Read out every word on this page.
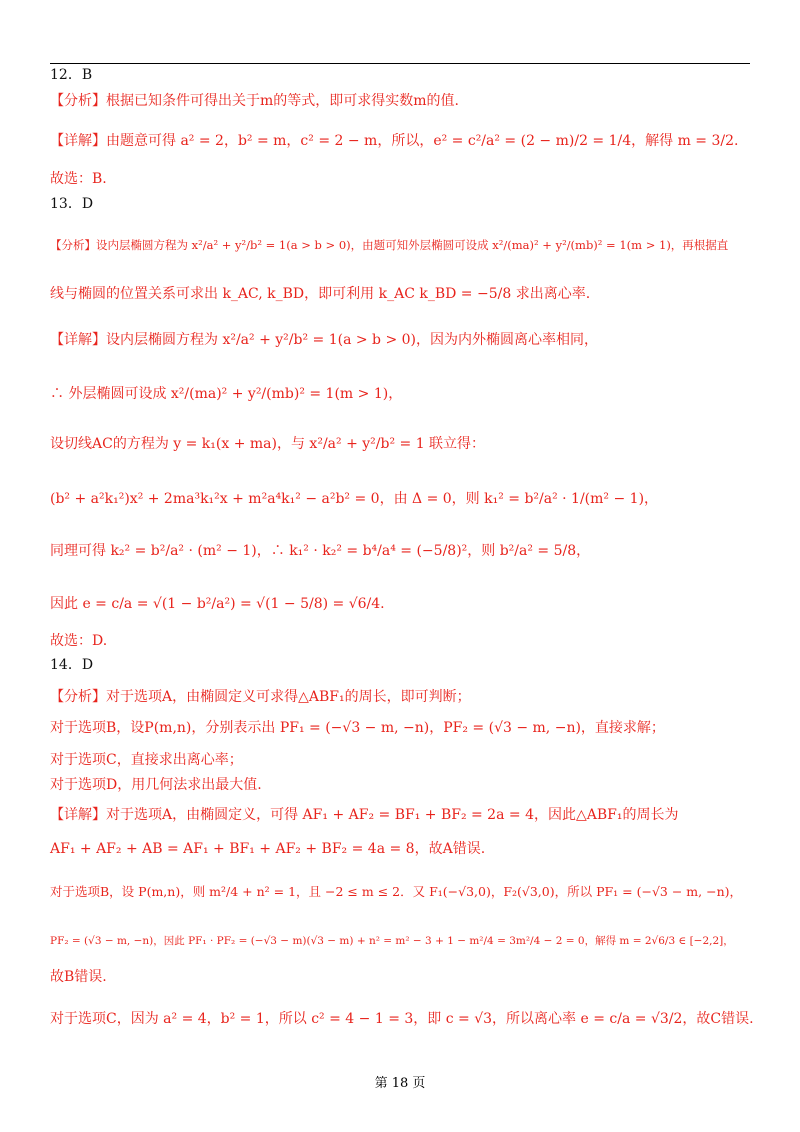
12．B
【分析】根据已知条件可得出关于m的等式，即可求得实数m的值.
【详解】由题意可得 a² = 2，b² = m，c² = 2 − m，所以，e² = c²/a² = (2 − m)/2 = 1/4，解得 m = 3/2.
故选：B.
13．D
【分析】设内层椭圆方程为 x²/a² + y²/b² = 1(a > b > 0)，由题可知外层椭圆可设成 x²/(ma)² + y²/(mb)² = 1(m > 1)，再根据直
线与椭圆的位置关系可求出 k_AC, k_BD，即可利用 k_AC k_BD = −5/8 求出离心率.
【详解】设内层椭圆方程为 x²/a² + y²/b² = 1(a > b > 0)，因为内外椭圆离心率相同，
∴ 外层椭圆可设成 x²/(ma)² + y²/(mb)² = 1(m > 1)，
设切线AC的方程为 y = k₁(x + ma)，与 x²/a² + y²/b² = 1 联立得：
(b² + a²k₁²)x² + 2ma³k₁²x + m²a⁴k₁² − a²b² = 0，由 Δ = 0，则 k₁² = b²/a² · 1/(m² − 1)，
同理可得 k₂² = b²/a² · (m² − 1)，∴ k₁² · k₂² = b⁴/a⁴ = (−5/8)²，则 b²/a² = 5/8，
因此 e = c/a = √(1 − b²/a²) = √(1 − 5/8) = √6/4.
故选：D.
14．D
【分析】对于选项A，由椭圆定义可求得△ABF₁的周长，即可判断；
对于选项B，设P(m,n)，分别表示出 PF₁ = (−√3 − m, −n)，PF₂ = (√3 − m, −n)，直接求解；
对于选项C，直接求出离心率；
对于选项D，用几何法求出最大值.
【详解】对于选项A，由椭圆定义，可得 AF₁ + AF₂ = BF₁ + BF₂ = 2a = 4，因此△ABF₁的周长为
AF₁ + AF₂ + AB = AF₁ + BF₁ + AF₂ + BF₂ = 4a = 8，故A错误.
对于选项B，设 P(m,n)，则 m²/4 + n² = 1，且 −2 ≤ m ≤ 2．又 F₁(−√3,0)，F₂(√3,0)，所以 PF₁ = (−√3 − m, −n)，
PF₂ = (√3 − m, −n)，因此 PF₁ · PF₂ = (−√3 − m)(√3 − m) + n² = m² − 3 + 1 − m²/4 = 3m²/4 − 2 = 0，解得 m = 2√6/3 ∈ [−2,2]，
故B错误.
对于选项C，因为 a² = 4，b² = 1，所以 c² = 4 − 1 = 3，即 c = √3，所以离心率 e = c/a = √3/2，故C错误.
第 18 页
